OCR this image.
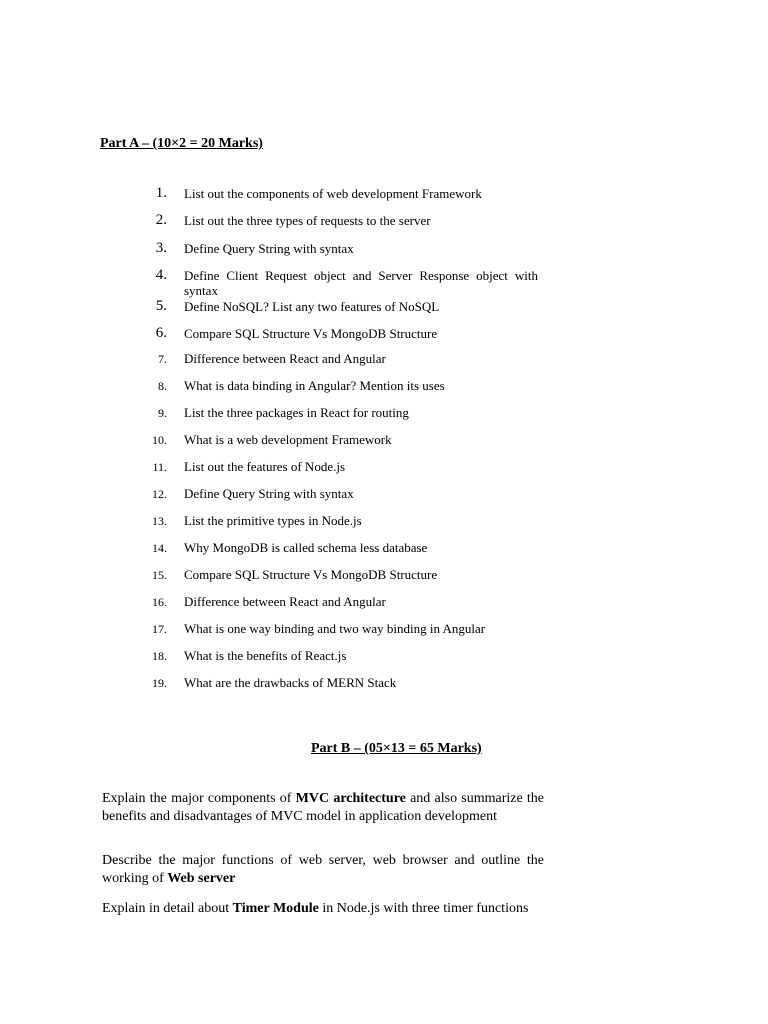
Part A – (10×2 = 20 Marks)
1. List out the components of web development Framework
2. List out the three types of requests to the server
3. Define Query String with syntax
4. Define Client Request object and Server Response object with syntax
5. Define NoSQL? List any two features of NoSQL
6. Compare SQL Structure Vs MongoDB Structure
7. Difference between React and Angular
8. What is data binding in Angular? Mention its uses
9. List the three packages in React for routing
10. What is a web development Framework
11. List out the features of Node.js
12. Define Query String with syntax
13. List the primitive types in Node.js
14. Why MongoDB is called schema less database
15. Compare SQL Structure Vs MongoDB Structure
16. Difference between React and Angular
17. What is one way binding and two way binding in Angular
18. What is the benefits of React.js
19. What are the drawbacks of MERN Stack
Part B – (05×13 = 65 Marks)

Explain the major components of MVC architecture and also summarize the benefits and disadvantages of MVC model in application development

Describe the major functions of web server, web browser and outline the working of Web server

Explain in detail about Timer Module in Node.js with three timer functions
